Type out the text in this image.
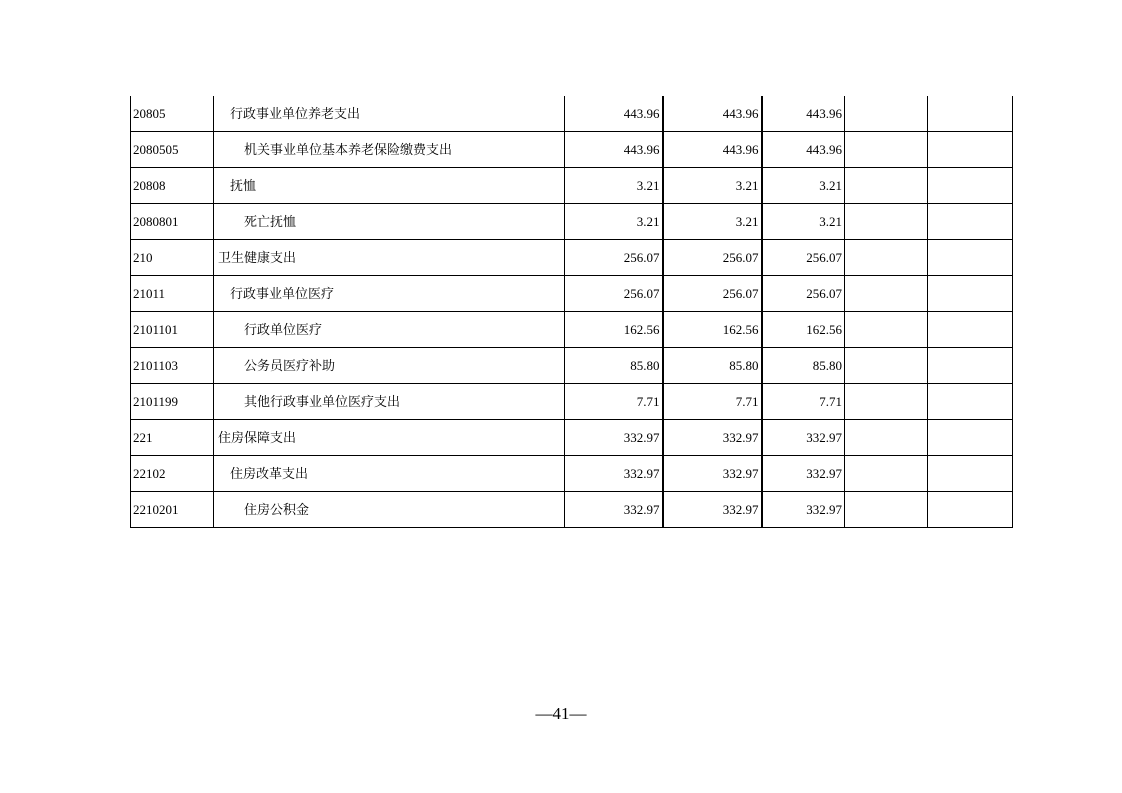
20805	行政事业单位养老支出	443.96	443.96	443.96		
2080505	机关事业单位基本养老保险缴费支出	443.96	443.96	443.96		
20808	抚恤	3.21	3.21	3.21		
2080801	死亡抚恤	3.21	3.21	3.21		
210	卫生健康支出	256.07	256.07	256.07		
21011	行政事业单位医疗	256.07	256.07	256.07		
2101101	行政单位医疗	162.56	162.56	162.56		
2101103	公务员医疗补助	85.80	85.80	85.80		
2101199	其他行政事业单位医疗支出	7.71	7.71	7.71		
221	住房保障支出	332.97	332.97	332.97		
22102	住房改革支出	332.97	332.97	332.97		
2210201	住房公积金	332.97	332.97	332.97		
—41—
